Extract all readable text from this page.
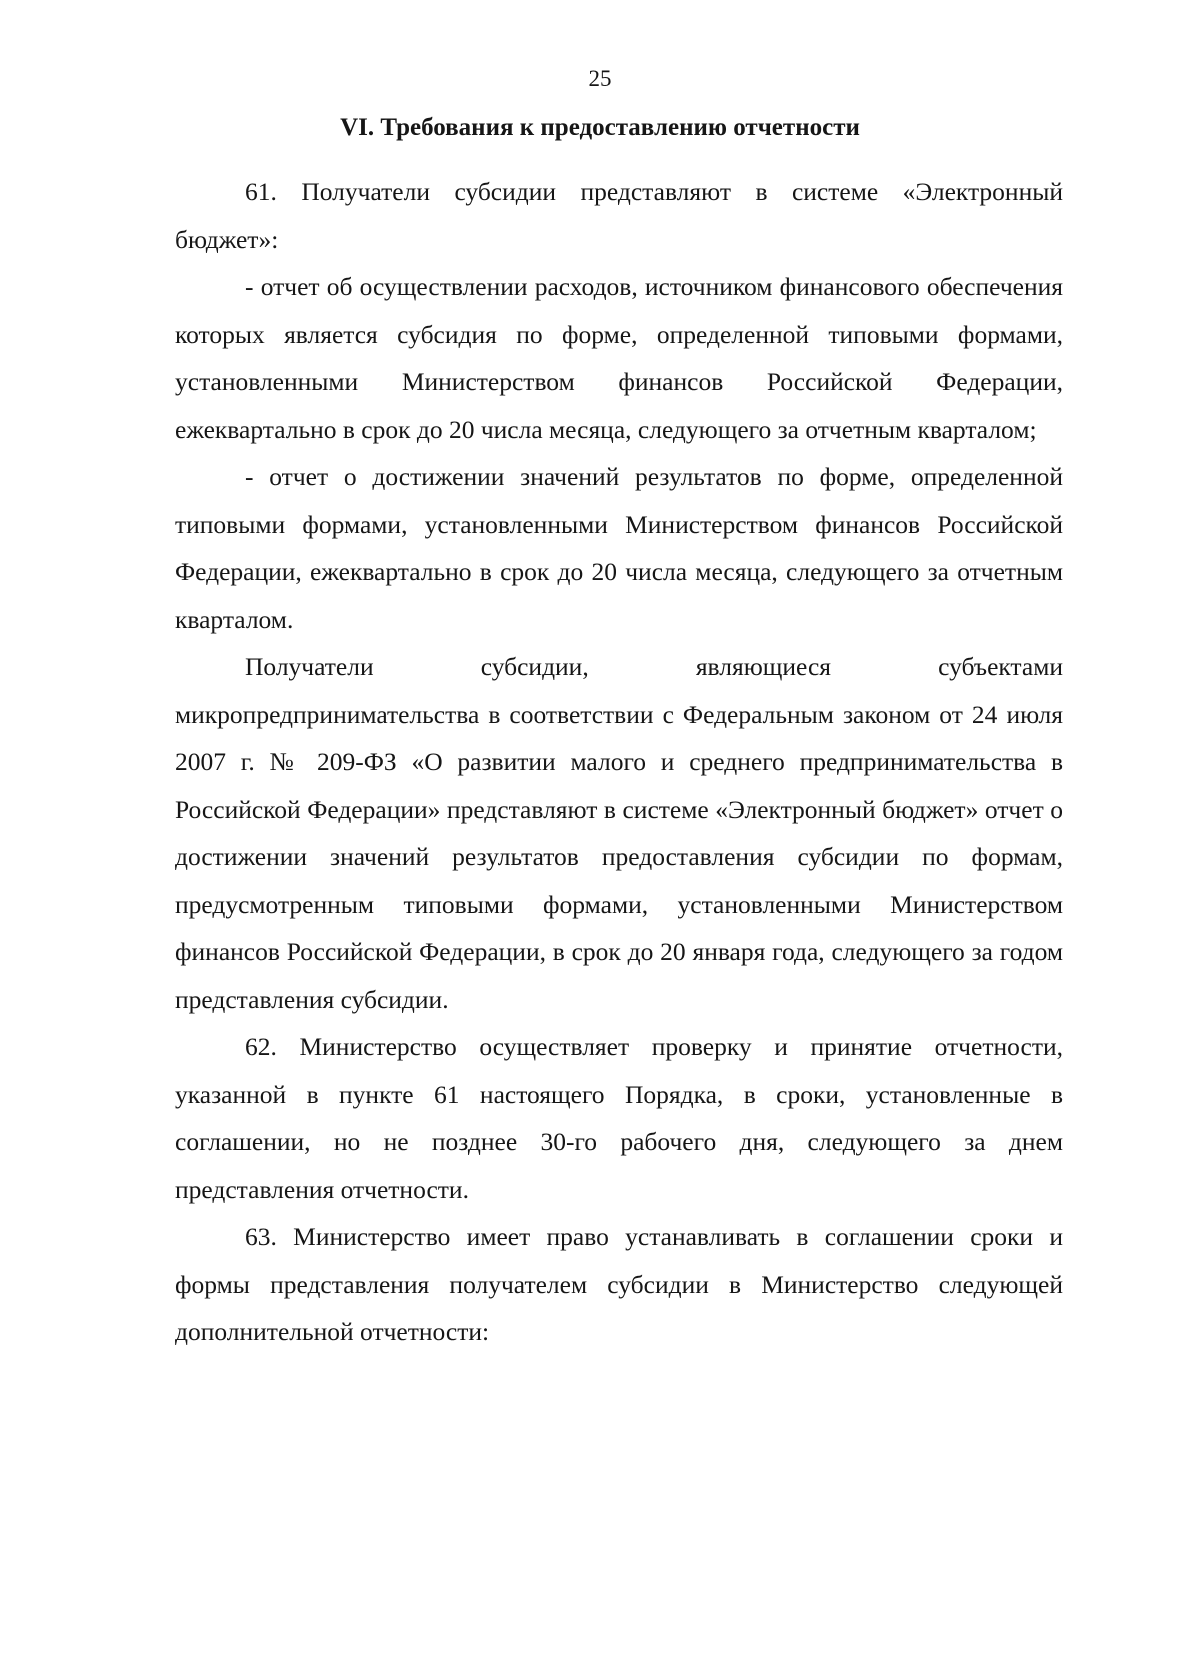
25
VI. Требования к предоставлению отчетности

61. Получатели субсидии представляют в системе «Электронный бюджет»:

- отчет об осуществлении расходов, источником финансового обеспечения которых является субсидия по форме, определенной типовыми формами, установленными Министерством финансов Российской Федерации, ежеквартально в срок до 20 числа месяца, следующего за отчетным кварталом;

- отчет о достижении значений результатов по форме, определенной типовыми формами, установленными Министерством финансов Российской Федерации, ежеквартально в срок до 20 числа месяца, следующего за отчетным кварталом.

Получатели субсидии, являющиеся субъектами микропредпринимательства в соответствии с Федеральным законом от 24 июля 2007 г. № 209-ФЗ «О развитии малого и среднего предпринимательства в Российской Федерации» представляют в системе «Электронный бюджет» отчет о достижении значений результатов предоставления субсидии по формам, предусмотренным типовыми формами, установленными Министерством финансов Российской Федерации, в срок до 20 января года, следующего за годом представления субсидии.

62. Министерство осуществляет проверку и принятие отчетности, указанной в пункте 61 настоящего Порядка, в сроки, установленные в соглашении, но не позднее 30-го рабочего дня, следующего за днем представления отчетности.

63. Министерство имеет право устанавливать в соглашении сроки и формы представления получателем субсидии в Министерство следующей дополнительной отчетности:
